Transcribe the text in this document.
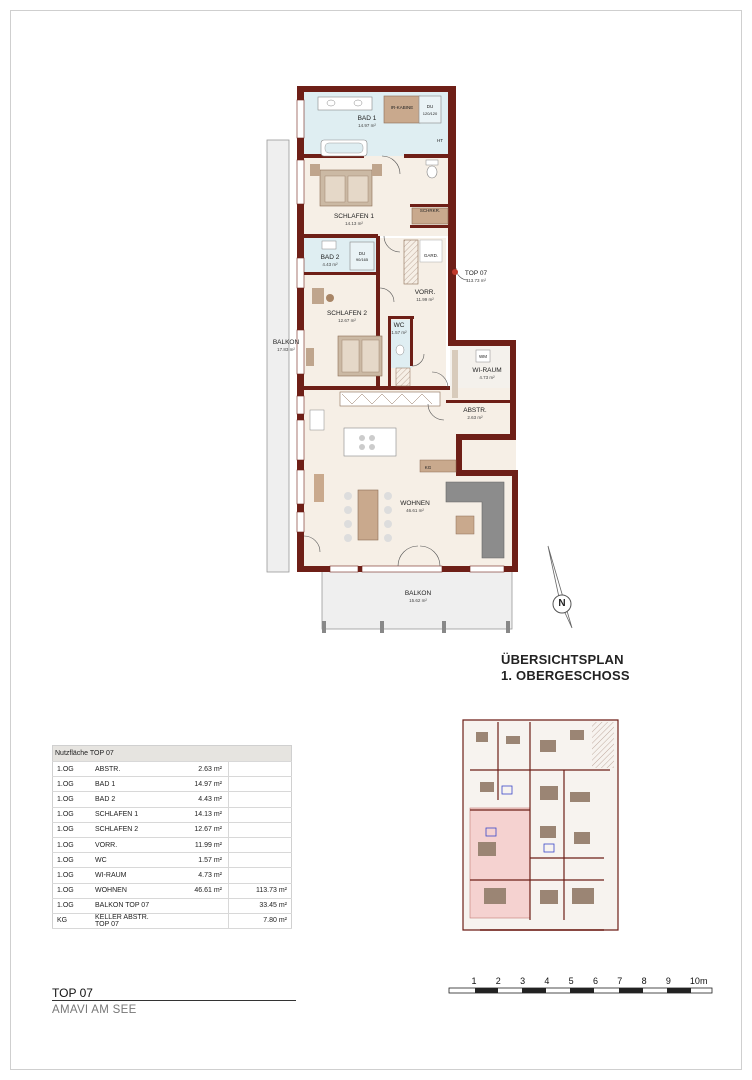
BAD 1
14.97 m²
SCHLAFEN 1
14.13 m²
BAD 2
4.43 m²
SCHLAFEN 2
12.67 m²
VORR.
11.99 m²
WC
1.57 m²
WI-RAUM
4.73 m²
ABSTR.
2.63 m²
WOHNEN
46.61 m²
BALKON
17.83 m²
BALKON
15.62 m²
IR-KABINE	DU
120/120
HT
DU
90/165
SCHRKR.
GARD.
WM
KG
TOP 07
113.73 m²
N
ÜBERSICHTSPLAN
1. OBERGESCHOSS
Nutzfläche TOP 07			
1.OG	ABSTR.	2.63 m²	
1.OG	BAD 1	14.97 m²	
1.OG	BAD 2	4.43 m²	
1.OG	SCHLAFEN 1	14.13 m²	
1.OG	SCHLAFEN 2	12.67 m²	
1.OG	VORR.	11.99 m²	
1.OG	WC	1.57 m²	
1.OG	WI-RAUM	4.73 m²	
1.OG	WOHNEN	46.61 m²	113.73 m²
1.OG	BALKON TOP 07		33.45 m²
KG	KELLER ABSTR. TOP 07		7.80 m²
TOP 07
AMAVI AM SEE
1 2 3 4 5 6 7 8 9 10m
